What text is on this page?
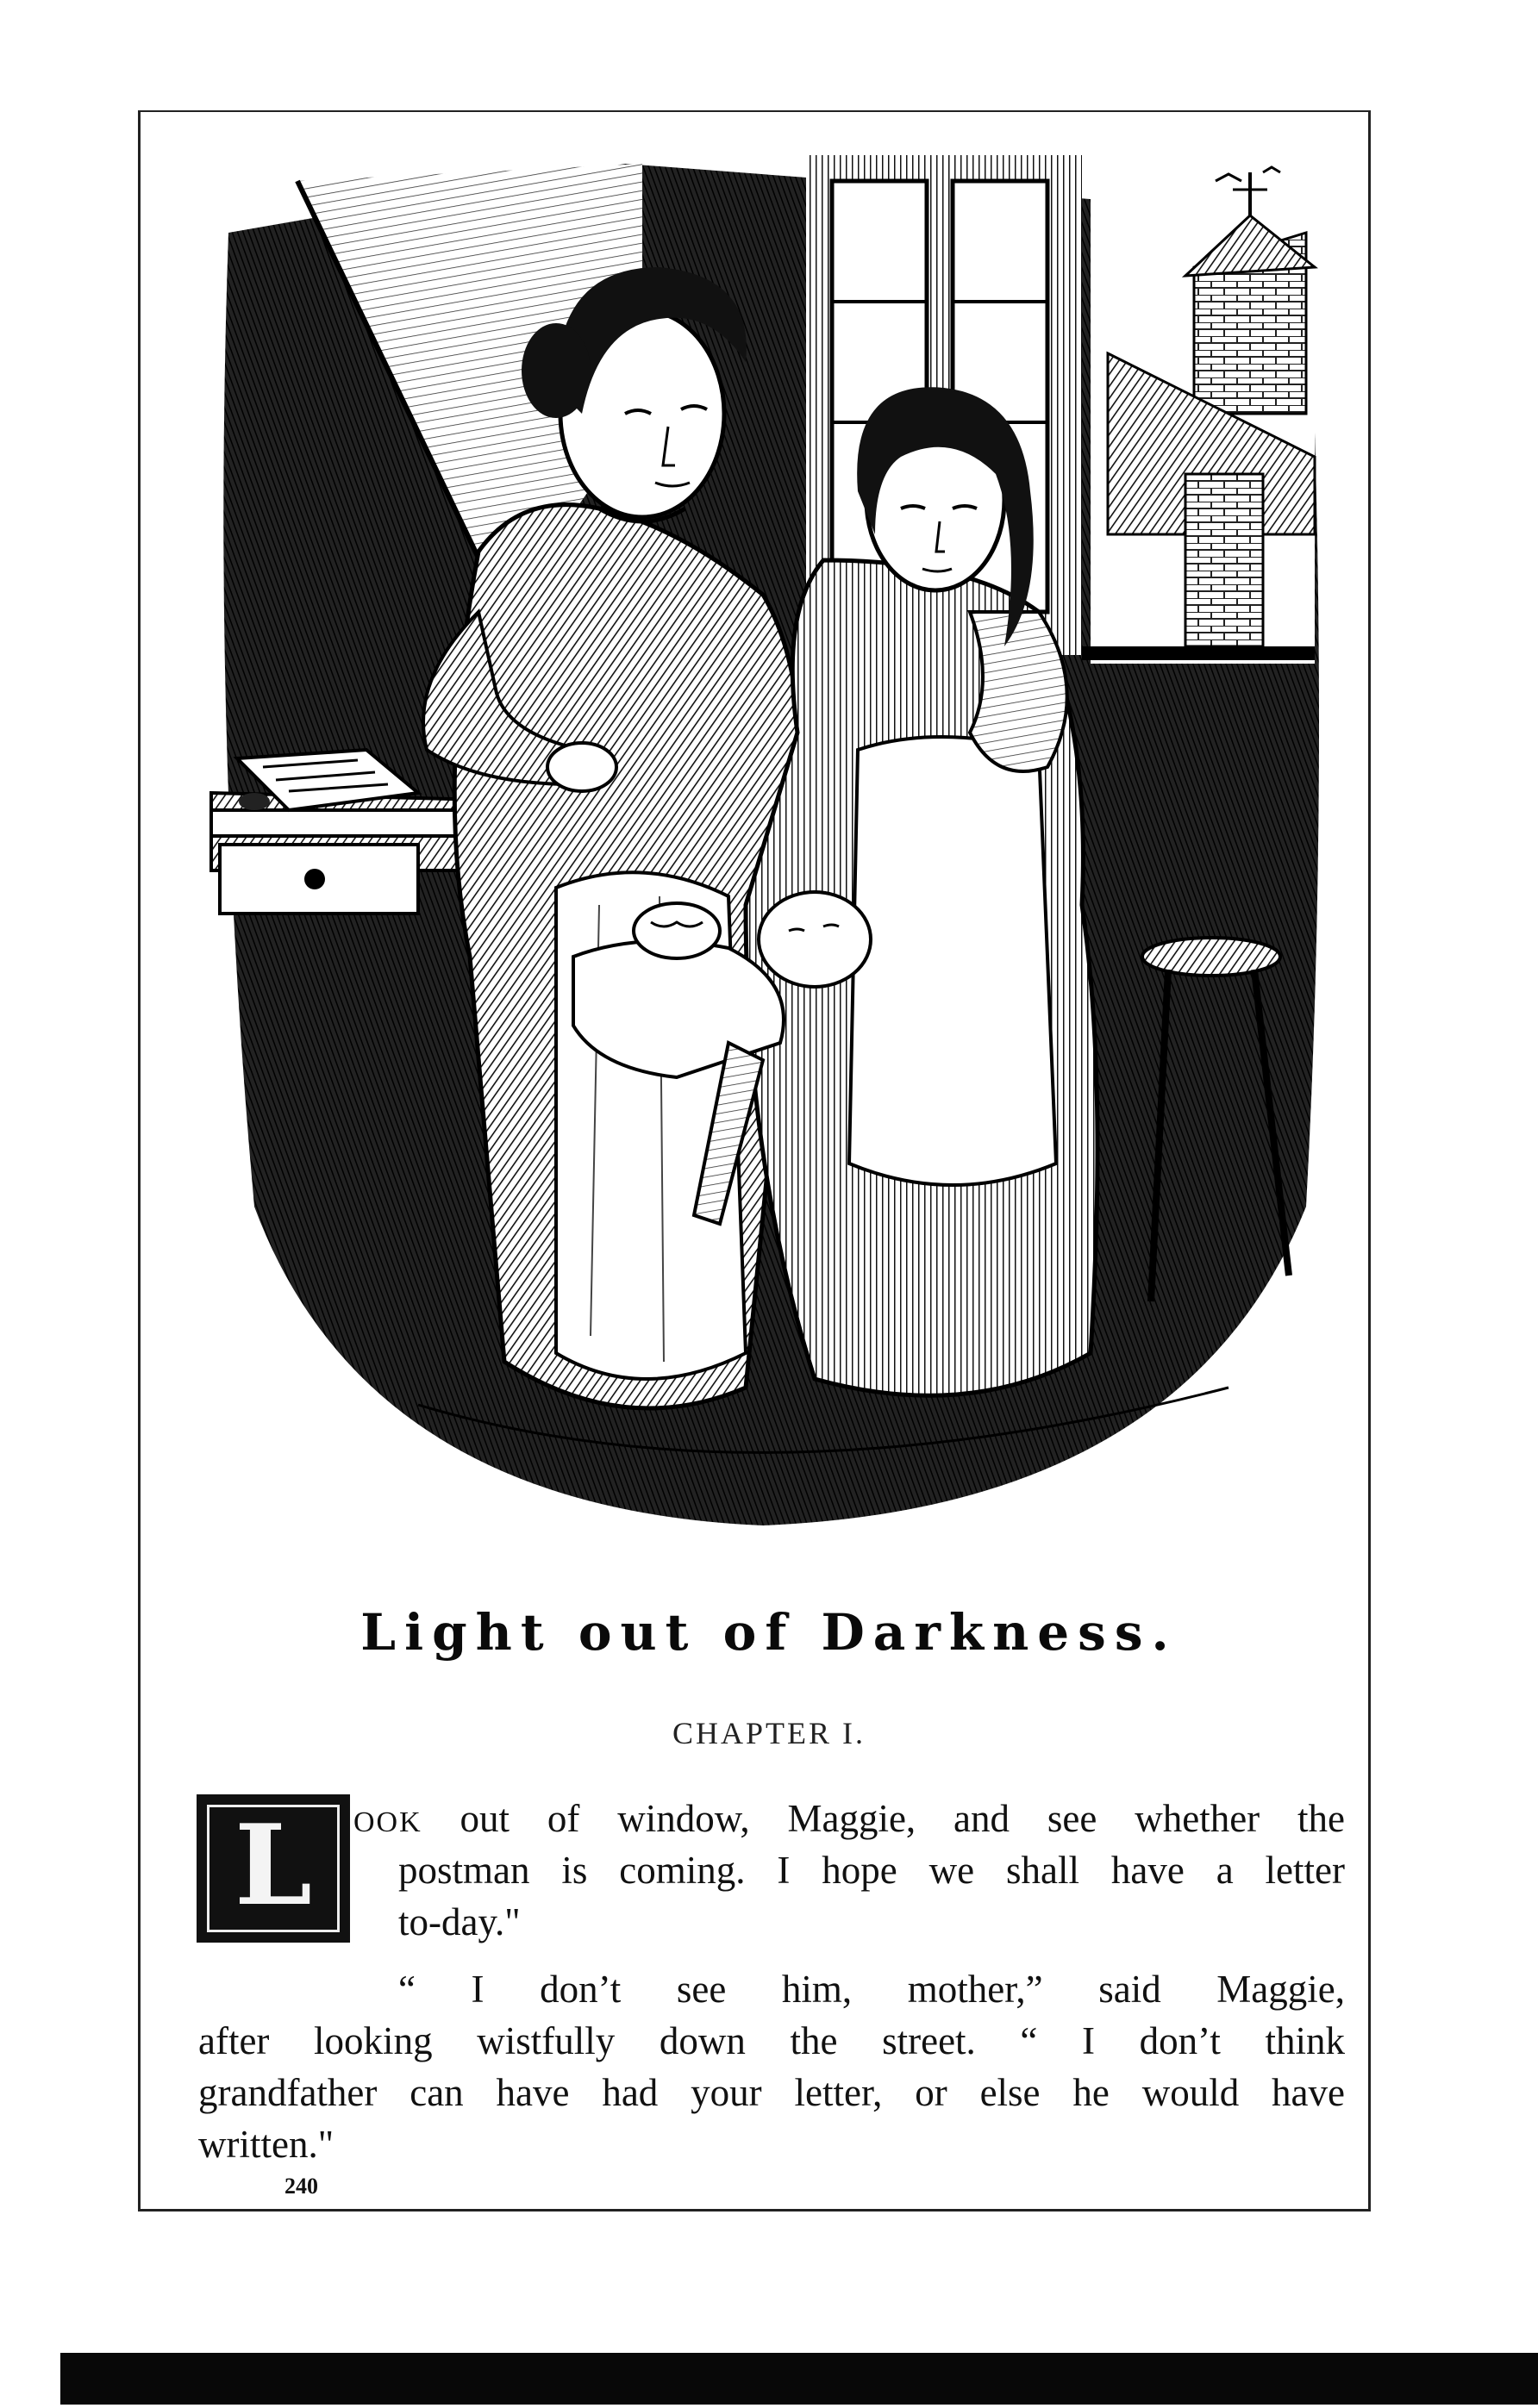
Light out of Darkness.
CHAPTER I.
L	OOK out of window, Maggie, and see whether the
postman is coming. I hope we shall have a letter
to-day."
“ I don’t see him, mother,” said Maggie,
after looking wistfully down the street. “ I don’t think
grandfather can have had your letter, or else he would have
written."
240
